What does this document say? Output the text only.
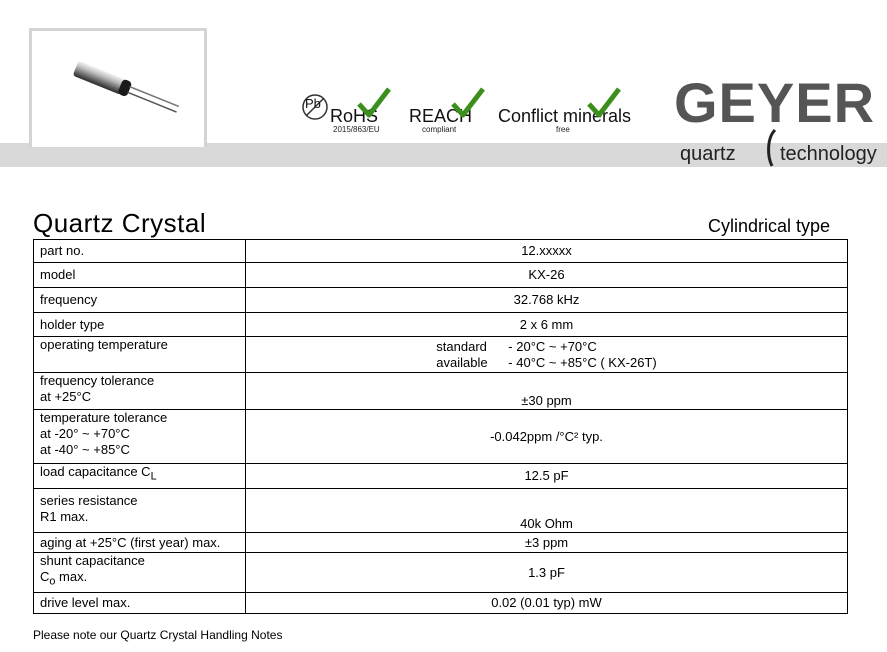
Pb
RoHS
2015/863/EU
REACH
compliant
Conflict minerals
free GEYER
quartz technology
Quartz Crystal	Cylindrical type
part no.	12.xxxxx
model	KX-26
frequency	32.768 kHz
holder type	2 x 6 mm
operating temperature	standard - 20°C ~ +70°C
available - 40°C ~ +85°C ( KX-26T)

frequency tolerance
at +25°C	±30 ppm

temperature tolerance
at -20° ~ +70°C
at -40° ~ +85°C	-0.042ppm /°C² typ.
load capacitance $C_L$	12.5 pF

series resistance
R1 max.	40k Ohm
aging at +25°C (first year) max.	±3 ppm

shunt capacitance
$C_o$ max.	1.3 pF
drive level max.	0.02 (0.01 typ) mW
Please note our Quartz Crystal Handling Notes
